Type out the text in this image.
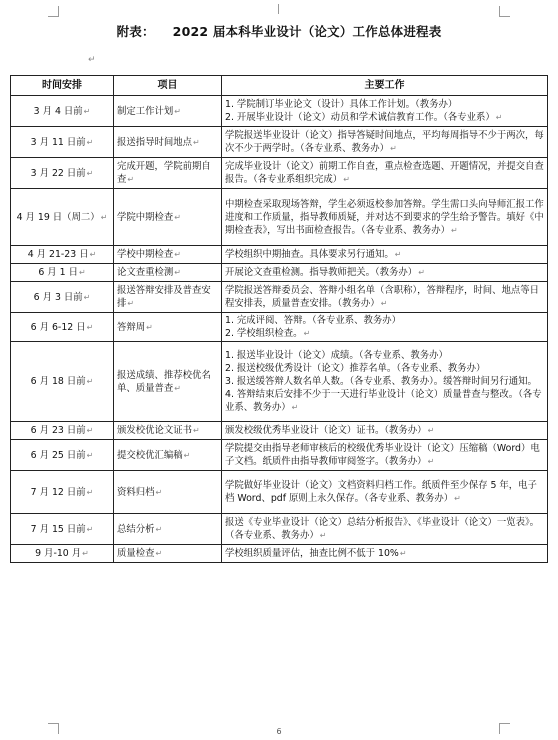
附表： 2022 届本科毕业设计（论文）工作总体进程表
↵
时间安排	项目	主要工作
3 月 4 日前↵	制定工作计划↵	1. 学院制订毕业论文（设计）具体工作计划。（教务办）
2. 开展毕业设计（论文）动员和学术诚信教育工作。（各专业系）↵
3 月 11 日前↵	报送指导时间地点↵	学院报送毕业设计（论文）指导答疑时间地点，平均每周指导不少于两次，每次不少于两学时。（各专业系、教务办）↵
3 月 22 日前↵	完成开题，学院前期自查↵	完成毕业设计（论文）前期工作自查，重点检查选题、开题情况，并提交自查报告。（各专业系组织完成）↵
4 月 19 日（周二）↵	学院中期检查↵	中期检查采取现场答辩，学生必须返校参加答辩。学生需口头向导师汇报工作进度和工作质量，指导教师质疑，并对达不到要求的学生给予警告。填好《中期检查表》，写出书面检查报告。（各专业系、教务办）↵
4 月 21-23 日↵	学校中期检查↵	学校组织中期抽查。具体要求另行通知。↵
6 月 1 日↵	论文查重检测↵	开展论文查重检测。指导教师把关。（教务办）↵
6 月 3 日前↵	报送答辩安排及普查安排↵	学院报送答辩委员会、答辩小组名单（含职称），答辩程序，时间、地点等日程安排表，质量普查安排。（教务办）↵
6 月 6-12 日↵	答辩周↵	1. 完成评阅、答辩。（各专业系、教务办）
2. 学校组织检查。↵
6 月 18 日前↵	报送成绩、推荐校优名单、质量普查↵	1. 报送毕业设计（论文）成绩。（各专业系、教务办）
2. 报送校级优秀设计（论文）推荐名单。（各专业系、教务办）
3. 报送缓答辩人数名单人数。（各专业系、教务办）。缓答辩时间另行通知。
4. 答辩结束后安排不少于一天进行毕业设计（论文）质量普查与整改。（各专业系、教务办）↵
6 月 23 日前↵	颁发校优论文证书↵	颁发校级优秀毕业设计（论文）证书。（教务办）↵
6 月 25 日前↵	提交校优汇编稿↵	学院提交由指导老师审核后的校级优秀毕业设计（论文）压缩稿（Word）电子文档。纸质件由指导教师审阅签字。（教务办）↵
7 月 12 日前↵	资料归档↵	学院做好毕业设计（论文）文档资料归档工作。纸质件至少保存 5 年，电子档 Word、pdf 原则上永久保存。（各专业系、教务办）↵
7 月 15 日前↵	总结分析↵	报送《专业毕业设计（论文）总结分析报告》、《毕业设计（论文）一览表》。（各专业系、教务办）↵
9 月-10 月↵	质量检查↵	学校组织质量评估，抽查比例不低于 10%↵
6
